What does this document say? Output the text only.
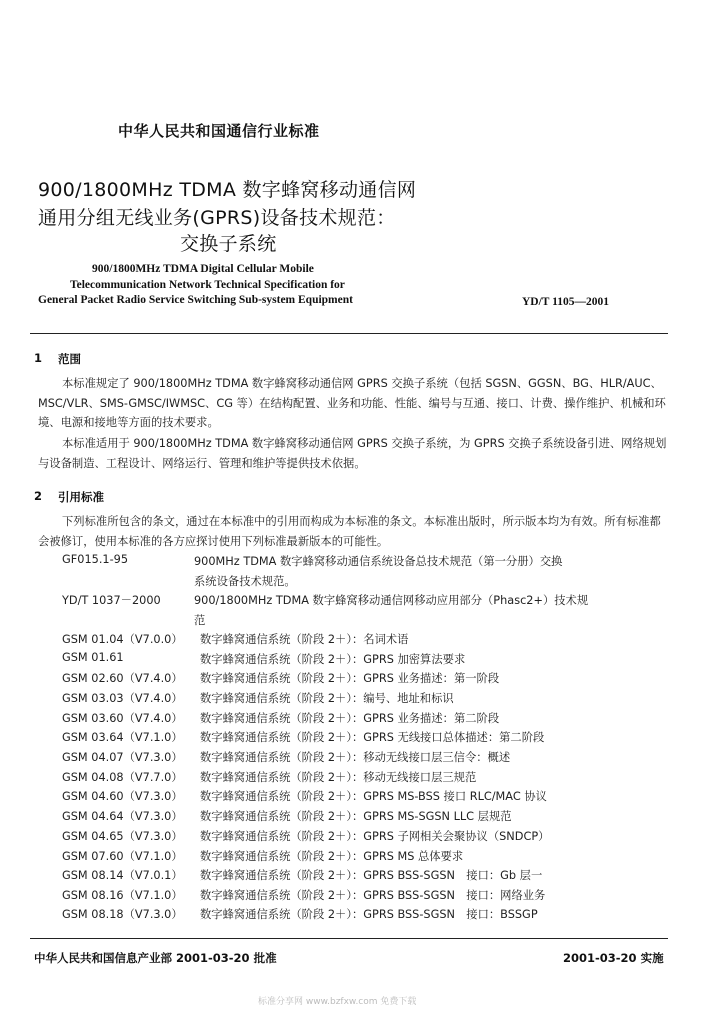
中华人民共和国通信行业标准
900/1800MHz TDMA 数字蜂窝移动通信网
通用分组无线业务(GPRS)设备技术规范：
交换子系统
900/1800MHz TDMA Digital Cellular Mobile
Telecommunication Network Technical Specification for
General Packet Radio Service Switching Sub-system Equipment	YD/T 1105—2001
1 范围
本标准规定了 900/1800MHz TDMA 数字蜂窝移动通信网 GPRS 交换子系统（包括 SGSN、GGSN、BG、HLR/AUC、MSC/VLR、SMS-GMSC/IWMSC、CG 等）在结构配置、业务和功能、性能、编号与互通、接口、计费、操作维护、机械和环境、电源和接地等方面的技术要求。
本标准适用于 900/1800MHz TDMA 数字蜂窝移动通信网 GPRS 交换子系统，为 GPRS 交换子系统设备引进、网络规划与设备制造、工程设计、网络运行、管理和维护等提供技术依据。
2 引用标准
下列标准所包含的条文，通过在本标准中的引用而构成为本标准的条文。本标准出版时，所示版本均为有效。所有标准都会被修订，使用本标准的各方应探讨使用下列标准最新版本的可能性。
GF015.1-95	900MHz TDMA 数字蜂窝移动通信系统设备总技术规范（第一分册）交换
系统设备技术规范。
YD/T 1037－2000	900/1800MHz TDMA 数字蜂窝移动通信网移动应用部分（Phasc2+）技术规
范
GSM 01.04（V7.0.0） 数字蜂窝通信系统（阶段 2＋）：名词术语
GSM 01.61	数字蜂窝通信系统（阶段 2＋）：GPRS 加密算法要求
GSM 02.60（V7.4.0） 数字蜂窝通信系统（阶段 2＋）：GPRS 业务描述：第一阶段
GSM 03.03（V7.4.0） 数字蜂窝通信系统（阶段 2＋）：编号、地址和标识
GSM 03.60（V7.4.0） 数字蜂窝通信系统（阶段 2＋）：GPRS 业务描述：第二阶段
GSM 03.64（V7.1.0） 数字蜂窝通信系统（阶段 2＋）：GPRS 无线接口总体描述：第二阶段
GSM 04.07（V7.3.0） 数字蜂窝通信系统（阶段 2＋）：移动无线接口层三信令：概述
GSM 04.08（V7.7.0） 数字蜂窝通信系统（阶段 2＋）：移动无线接口层三规范
GSM 04.60（V7.3.0） 数字蜂窝通信系统（阶段 2＋）：GPRS MS-BSS 接口 RLC/MAC 协议
GSM 04.64（V7.3.0） 数字蜂窝通信系统（阶段 2＋）：GPRS MS-SGSN LLC 层规范
GSM 04.65（V7.3.0） 数字蜂窝通信系统（阶段 2＋）：GPRS 子网相关会聚协议（SNDCP）
GSM 07.60（V7.1.0） 数字蜂窝通信系统（阶段 2＋）：GPRS MS 总体要求
GSM 08.14（V7.0.1） 数字蜂窝通信系统（阶段 2＋）：GPRS BSS-SGSN　接口：Gb 层一
GSM 08.16（V7.1.0） 数字蜂窝通信系统（阶段 2＋）：GPRS BSS-SGSN　接口：网络业务
GSM 08.18（V7.3.0） 数字蜂窝通信系统（阶段 2＋）：GPRS BSS-SGSN　接口：BSSGP
中华人民共和国信息产业部 2001-03-20 批准	2001-03-20 实施
标准分享网 www.bzfxw.com 免费下载
